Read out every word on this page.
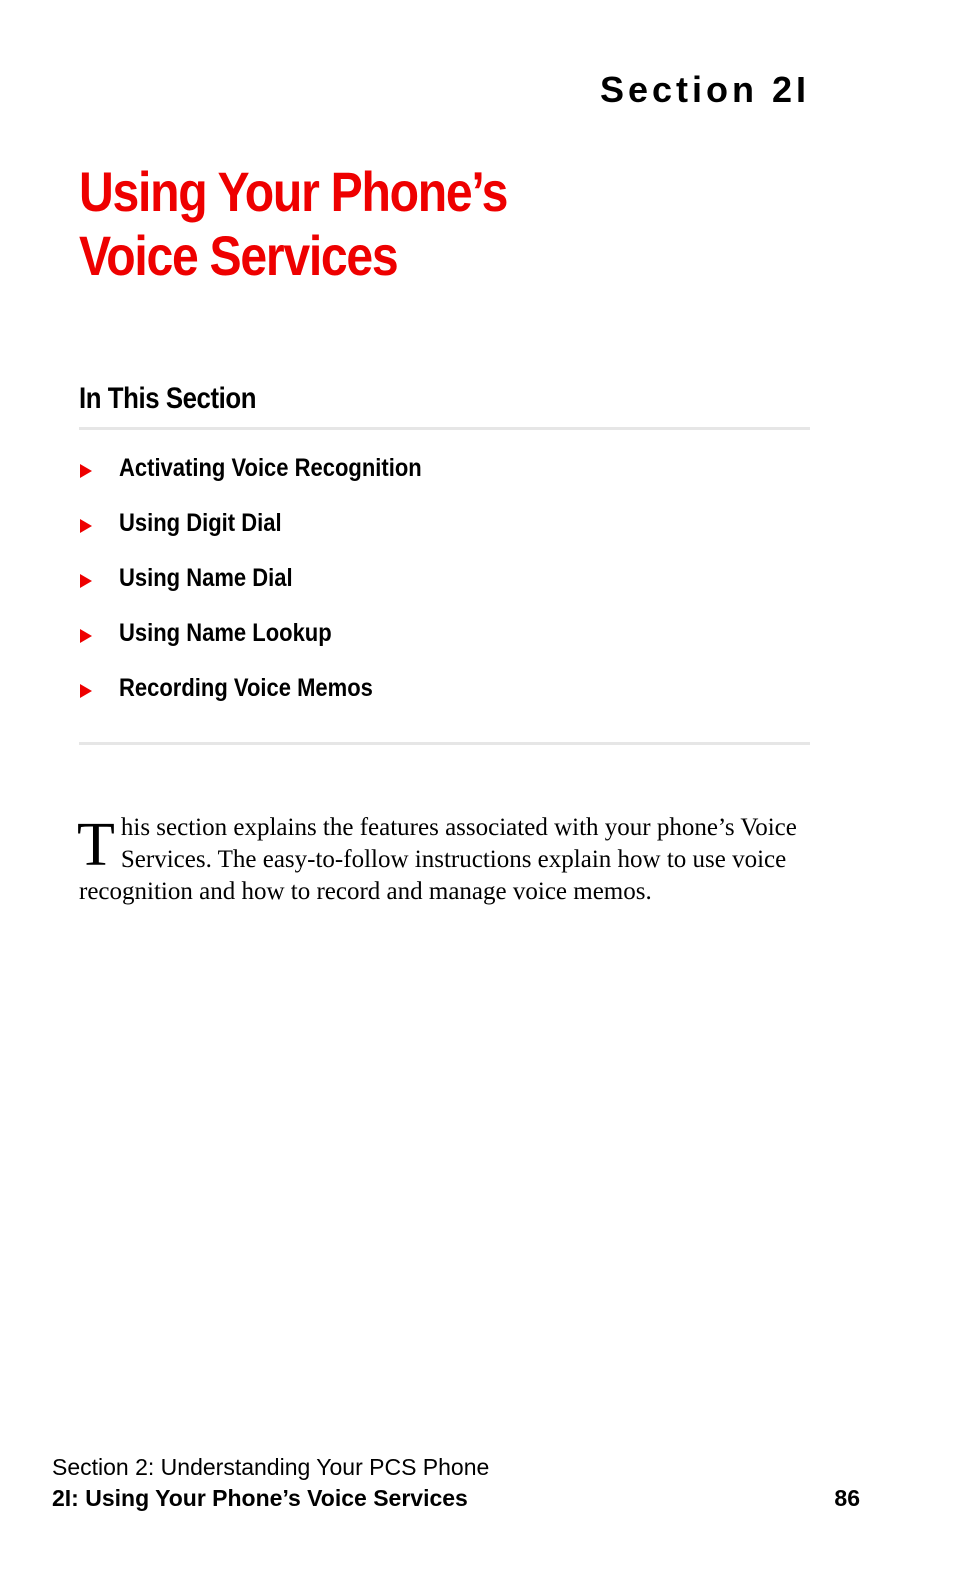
Section 2I
Using Your Phone’s
Voice Services
In This Section
Activating Voice Recognition
Using Digit Dial
Using Name Dial
Using Name Lookup
Recording Voice Memos

This section explains the features associated with your phone’s Voice Services. The easy-to-follow instructions explain how to use voice recognition and how to record and manage voice memos.

Section 2: Understanding Your PCS Phone
2I: Using Your Phone’s Voice Services	86
